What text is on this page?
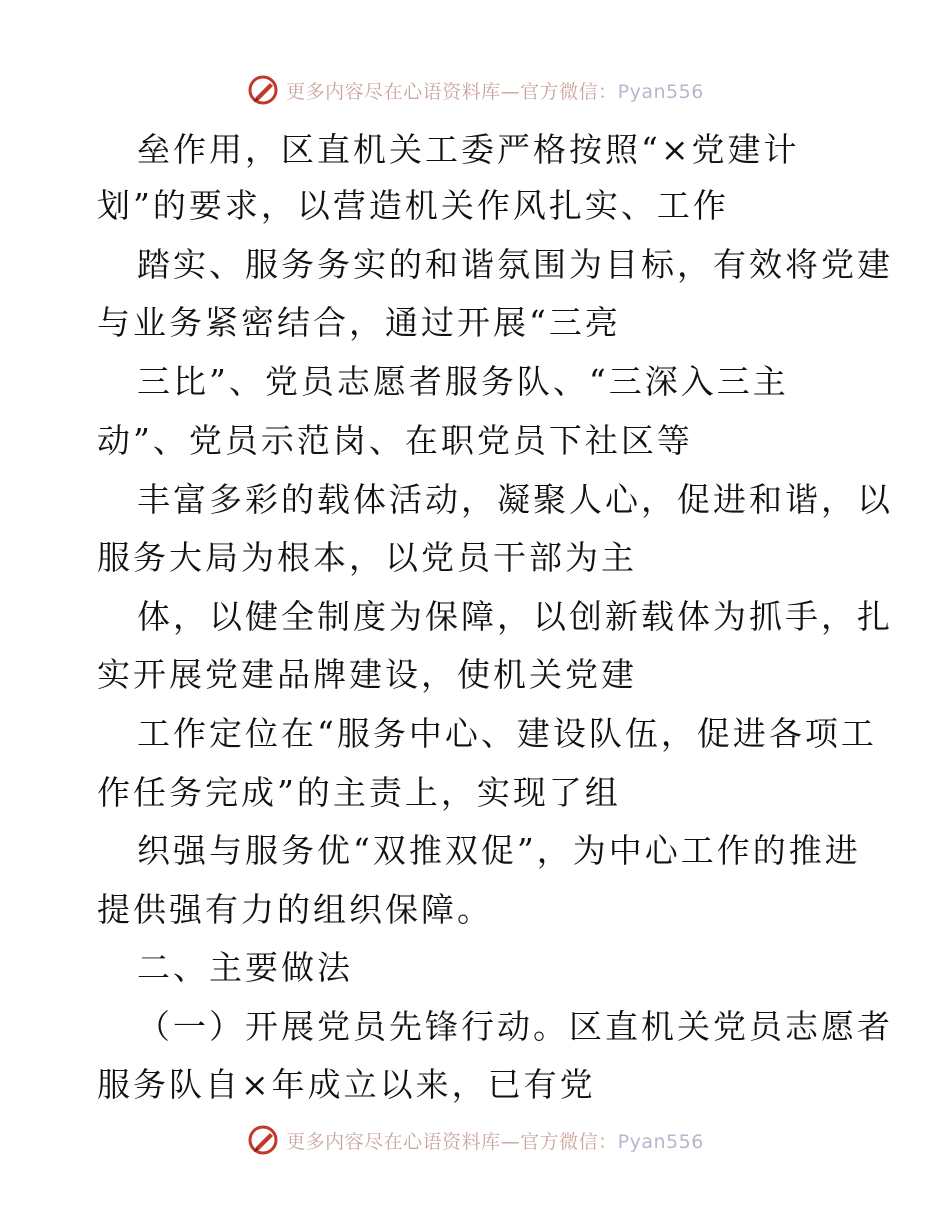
更多内容尽在心语资料库—官方微信：Pyan556
垒作用，区直机关工委严格按照“×党建计
划”的要求，以营造机关作风扎实、工作
踏实、服务务实的和谐氛围为目标，有效将党建
与业务紧密结合，通过开展“三亮
三比”、党员志愿者服务队、“三深入三主
动”、党员示范岗、在职党员下社区等
丰富多彩的载体活动，凝聚人心，促进和谐，以
服务大局为根本，以党员干部为主
体，以健全制度为保障，以创新载体为抓手，扎
实开展党建品牌建设，使机关党建
工作定位在“服务中心、建设队伍，促进各项工
作任务完成”的主责上，实现了组
织强与服务优“双推双促”，为中心工作的推进
提供强有力的组织保障。
二、主要做法
（一）开展党员先锋行动。区直机关党员志愿者
服务队自×年成立以来，已有党
更多内容尽在心语资料库—官方微信：Pyan556
